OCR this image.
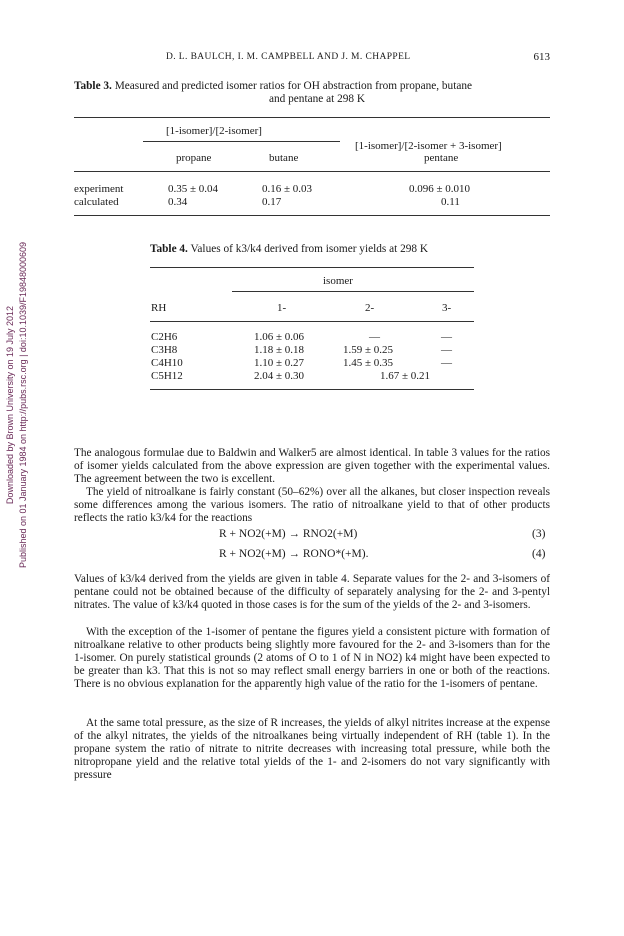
Downloaded by Brown University on 19 July 2012 Published on 01 January 1984 on http://pubs.rsc.org | doi:10.1039/F19848000609
D. L. BAULCH, I. M. CAMPBELL AND J. M. CHAPPEL	613
Table 3. Measured and predicted isomer ratios for OH abstraction from propane, butane
and pentane at 298 K
[1-isomer]/[2-isomer]
[1-isomer]/[2-isomer + 3-isomer]
propane	butane	pentane
experiment	0.35 ± 0.04	0.16 ± 0.03	0.096 ± 0.010
calculated	0.34	0.17	0.11
Table 4. Values of k3/k4 derived from isomer yields at 298 K
isomer
RH	1-	2-	3-
C2H6	1.06 ± 0.06	—	—
C3H8	1.18 ± 0.18	1.59 ± 0.25	—
C4H10	1.10 ± 0.27	1.45 ± 0.35	—
C5H12	2.04 ± 0.30	1.67 ± 0.21
The analogous formulae due to Baldwin and Walker5 are almost identical. In table 3 values for the ratios of isomer yields calculated from the above expression are given together with the experimental values. The agreement between the two is excellent.
The yield of nitroalkane is fairly constant (50–62%) over all the alkanes, but closer inspection reveals some differences among the various isomers. The ratio of nitroalkane yield to that of other products reflects the ratio k3/k4 for the reactions
R + NO2(+M) → RNO2(+M)	(3)
R + NO2(+M) → RONO*(+M).	(4)
Values of k3/k4 derived from the yields are given in table 4. Separate values for the 2- and 3-isomers of pentane could not be obtained because of the difficulty of separately analysing for the 2- and 3-pentyl nitrates. The value of k3/k4 quoted in those cases is for the sum of the yields of the 2- and 3-isomers.
With the exception of the 1-isomer of pentane the figures yield a consistent picture with formation of nitroalkane relative to other products being slightly more favoured for the 2- and 3-isomers than for the 1-isomer. On purely statistical grounds (2 atoms of O to 1 of N in NO2) k4 might have been expected to be greater than k3. That this is not so may reflect small energy barriers in one or both of the reactions. There is no obvious explanation for the apparently high value of the ratio for the 1-isomers of pentane.
At the same total pressure, as the size of R increases, the yields of alkyl nitrites increase at the expense of the alkyl nitrates, the yields of the nitroalkanes being virtually independent of RH (table 1). In the propane system the ratio of nitrate to nitrite decreases with increasing total pressure, while both the nitropropane yield and the relative total yields of the 1- and 2-isomers do not vary significantly with pressure
